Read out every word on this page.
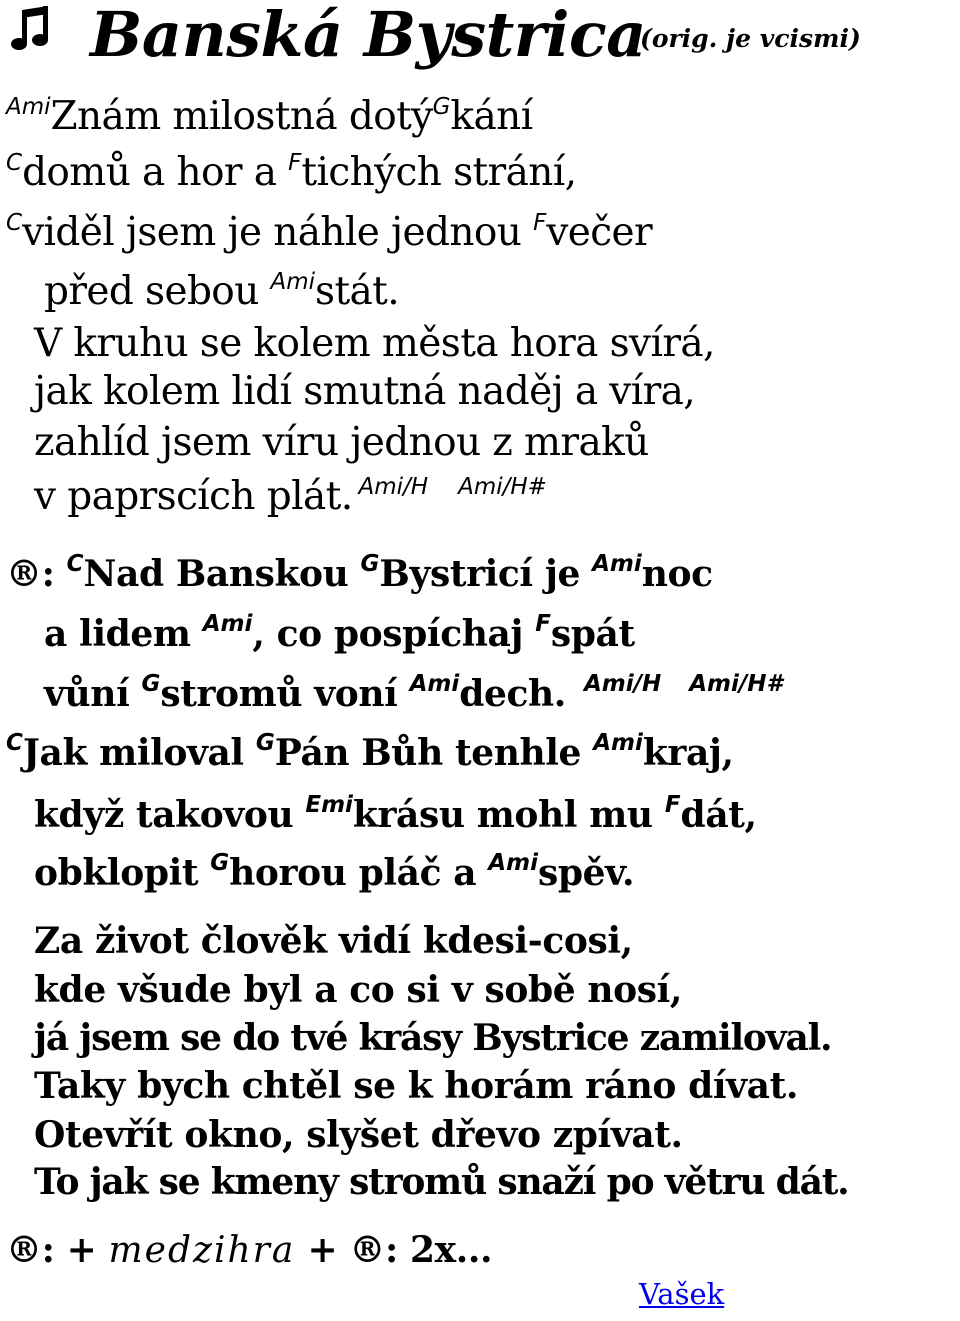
Banská Bystrica
(orig. je vcismi)
$^{Ami}$Znám milostná dotý$^G$kání
$^C$domů a hor a $^F$tichých strání,
$^C$viděl jsem je náhle jednou $^F$večer
před sebou $^{Ami}$stát.
V kruhu se kolem města hora svírá,
jak kolem lidí smutná naděj a víra,
zahlíd jsem víru jednou z mraků
v paprscích plát. $^{Ami/H}$ $^{Ami/H\#}$
®: $^C$Nad Banskou $^G$Bystricí je $^{Ami}$noc
a lidem $^{Ami}$, co pospíchaj $^F$spát
vůní $^G$stromů voní $^{Ami}$dech. $^{Ami/H}$ $^{Ami/H\#}$
$^C$Jak miloval $^G$Pán Bůh tenhle $^{Ami}$kraj,
když takovou $^{Emi}$krásu mohl mu $^F$dát,
obklopit $^G$horou pláč a $^{Ami}$spěv.
Za život člověk vidí kdesi-cosi,
kde všude byl a co si v sobě nosí,
já jsem se do tvé krásy Bystrice zamiloval.
Taky bych chtěl se k horám ráno dívat.
Otevřít okno, slyšet dřevo zpívat.
To jak se kmeny stromů snaží po větru dát.
®: + medzihra + ®: 2x...
Vašek
